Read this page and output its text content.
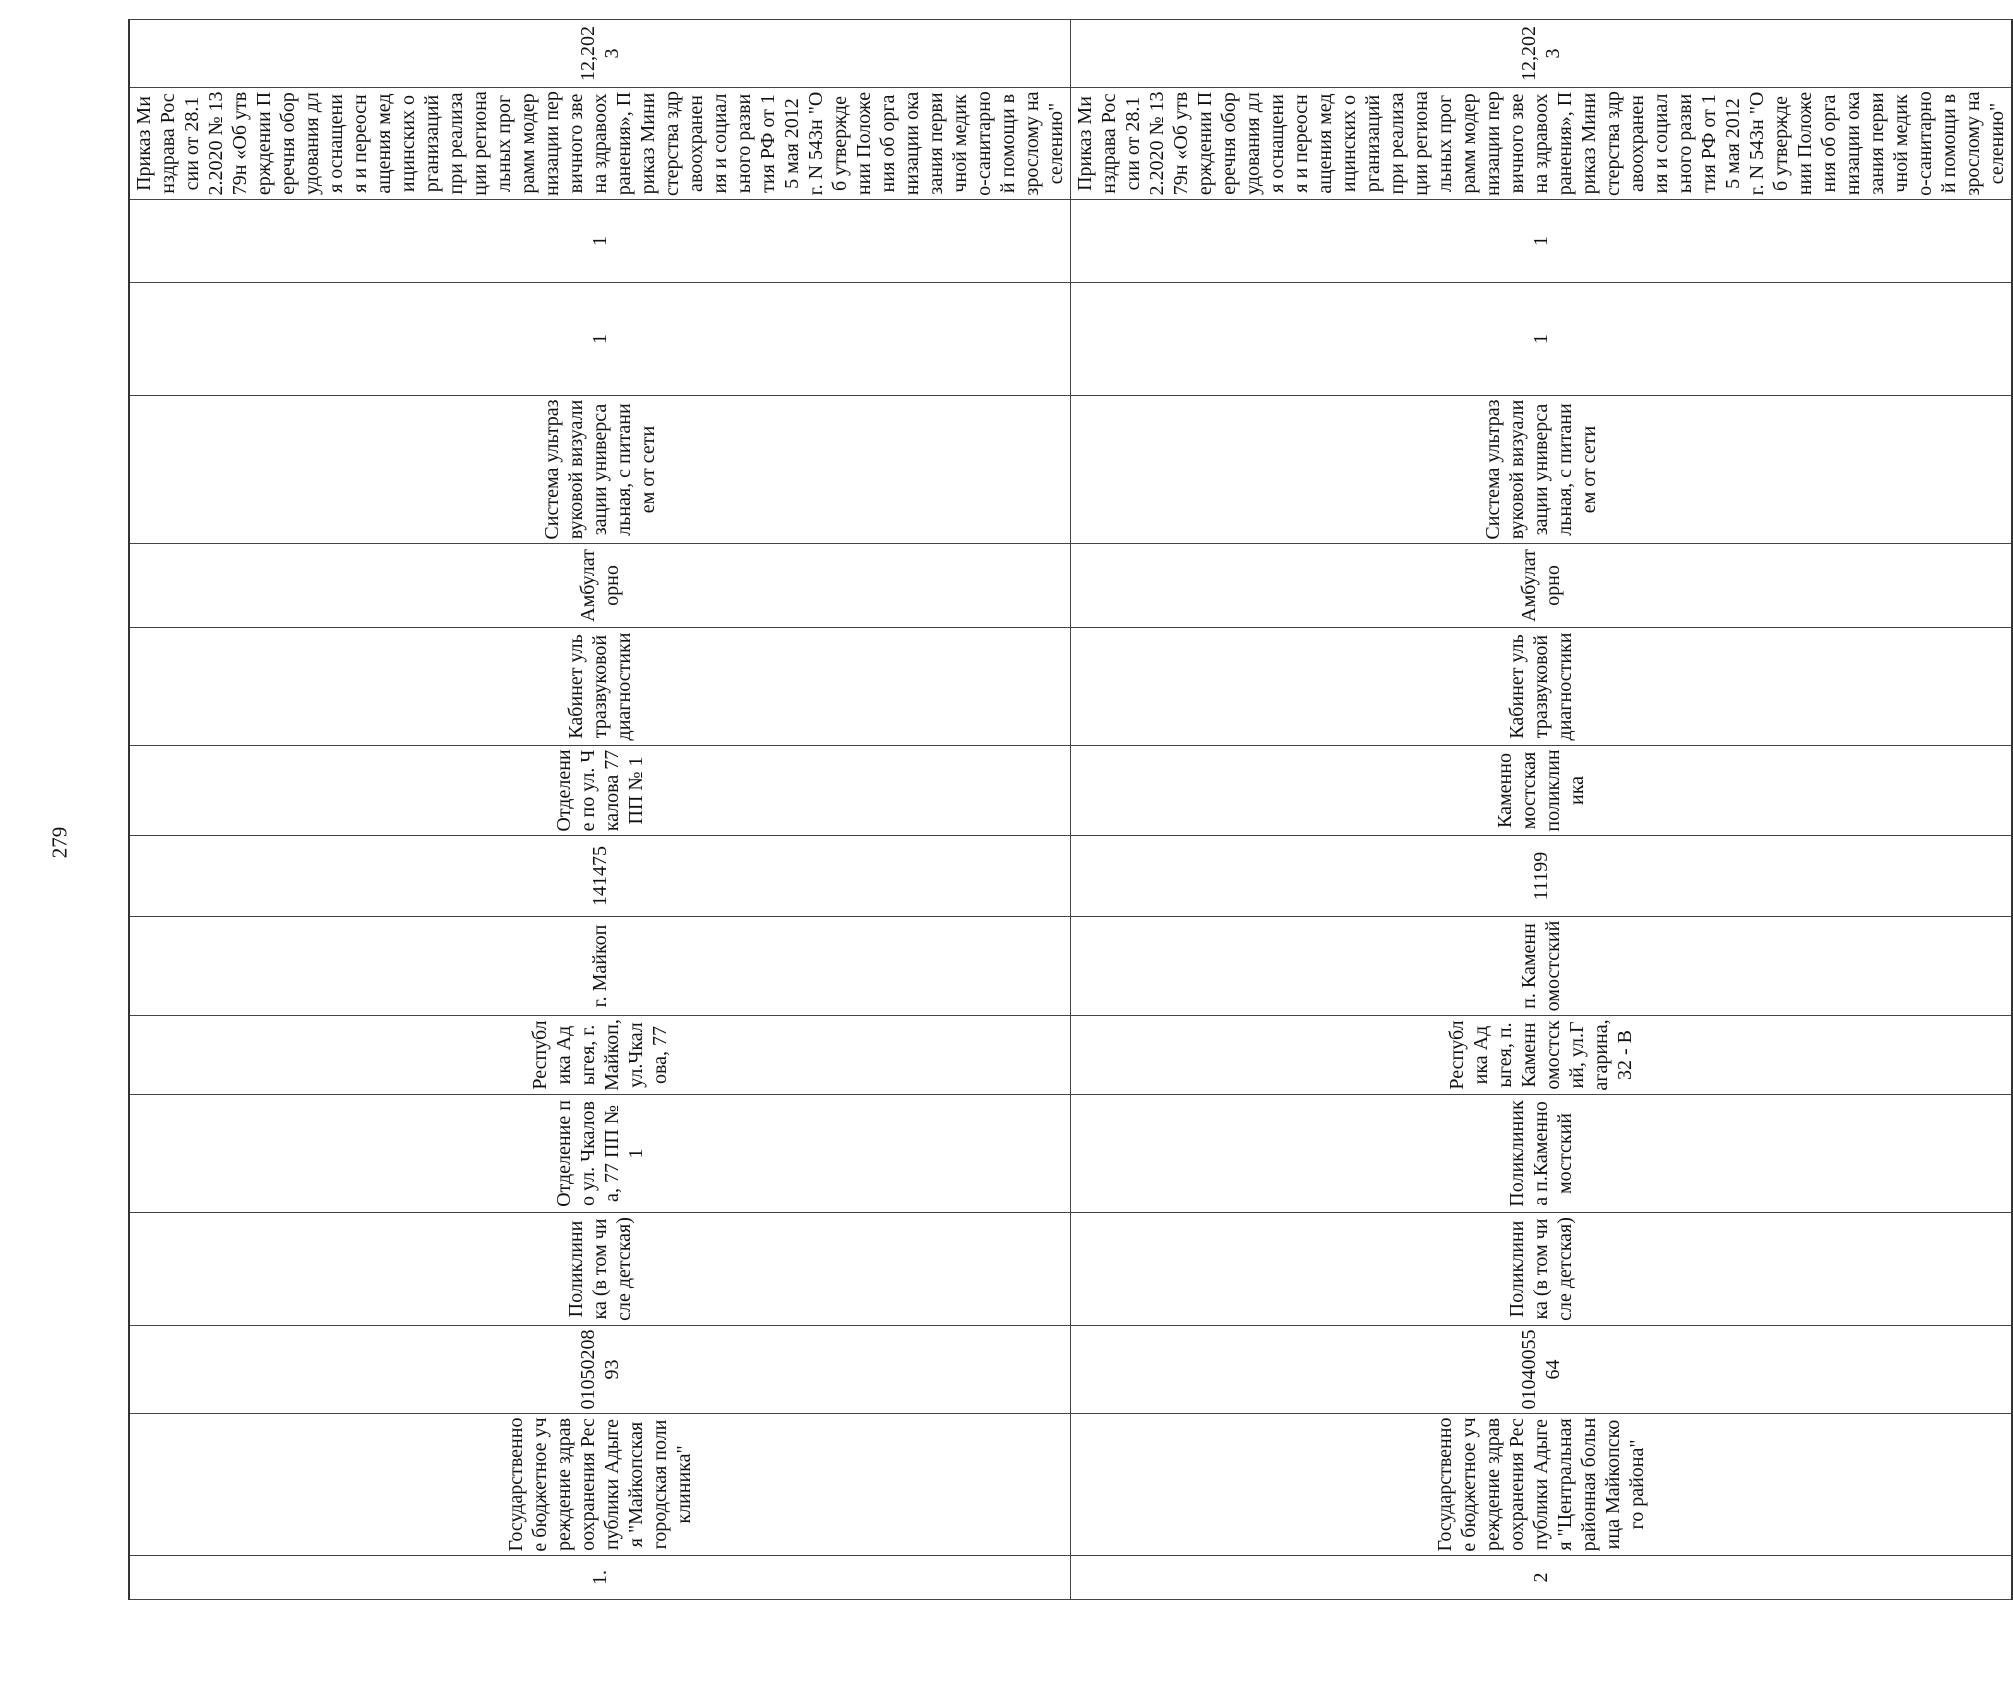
279
1.	Государственное бюджетное учреждение здравоохранения Республики Адыгея "Майкопская городская поликлиника"	0105020893	Поликлиника (в том числе детская)	Отделение по ул. Чкалова, 77 ПП № 1	Республика Адыгея, г. Майкоп, ул.Чкалова, 77	г. Майкоп	141475	Отделение по ул. Чкалова 77 ПП № 1	Кабинет ультразвуковой диагностики	Амбулаторно	Система ультразвуковой визуализации универсальная, с питанием от сети	1	1	Приказ Минздрава России от 28.12.2020 № 1379н «Об утверждении Перечня оборудования для оснащения и переоснащения медицинских организаций при реализации региональных программ модернизации первичного звена здравоохранения», Приказ Министерства здравоохранения и социального развития РФ от 15 мая 2012 г. N 543н "Об утверждении Положения об организации оказания первичной медико-санитарной помощи взрослому населению"	12,2023
2	Государственное бюджетное учреждение здравоохранения Республики Адыгея "Центральная районная больница Майкопского района"	0104005564	Поликлиника (в том числе детская)	Поликлиника п.Каменномостский	Республика Адыгея, п. Каменномостский, ул.Гагарина, 32 - В	п. Каменномостский	11199	Каменномостская поликлиника	Кабинет ультразвуковой диагностики	Амбулаторно	Система ультразвуковой визуализации универсальная, с питанием от сети	1	1	Приказ Минздрава России от 28.12.2020 № 1379н «Об утверждении Перечня оборудования для оснащения и переоснащения медицинских организаций при реализации региональных программ модернизации первичного звена здравоохранения», Приказ Министерства здравоохранения и социального развития РФ от 15 мая 2012 г. N 543н "Об утверждении Положения об организации оказания первичной медико-санитарной помощи взрослому населению"	12,2023
